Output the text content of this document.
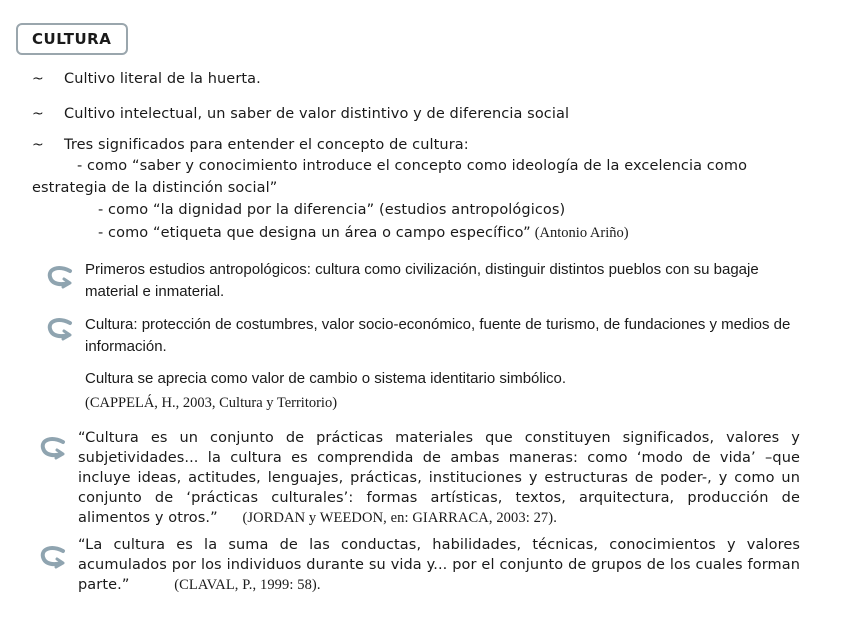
CULTURA
~ Cultivo literal de la huerta.
~ Cultivo intelectual, un saber de valor distintivo y de diferencia social
~ Tres significados para entender el concepto de cultura:
- como “saber y conocimiento introduce el concepto como ideología de la excelencia como
estrategia de la distinción social”
- como “la dignidad por la diferencia” (estudios antropológicos)
- como “etiqueta que designa un área o campo específico” (Antonio Ariño)
Primeros estudios antropológicos: cultura como civilización, distinguir distintos pueblos con su bagaje material e inmaterial.
Cultura: protección de costumbres, valor socio-económico, fuente de turismo, de fundaciones y medios de información.
Cultura se aprecia como valor de cambio o sistema identitario simbólico.
(CAPPELÁ, H., 2003, Cultura y Territorio)
“Cultura es un conjunto de prácticas materiales que constituyen significados, valores y subjetividades... la cultura es comprendida de ambas maneras: como ‘modo de vida’ –que incluye ideas, actitudes, lenguajes, prácticas, instituciones y estructuras de poder-, y como un conjunto de ‘prácticas culturales’: formas artísticas, textos, arquitectura, producción de alimentos y otros.” (JORDAN y WEEDON, en: GIARRACA, 2003: 27).
“La cultura es la suma de las conductas, habilidades, técnicas, conocimientos y valores acumulados por los individuos durante su vida y... por el conjunto de grupos de los cuales forman parte.”	(CLAVAL, P., 1999: 58).
